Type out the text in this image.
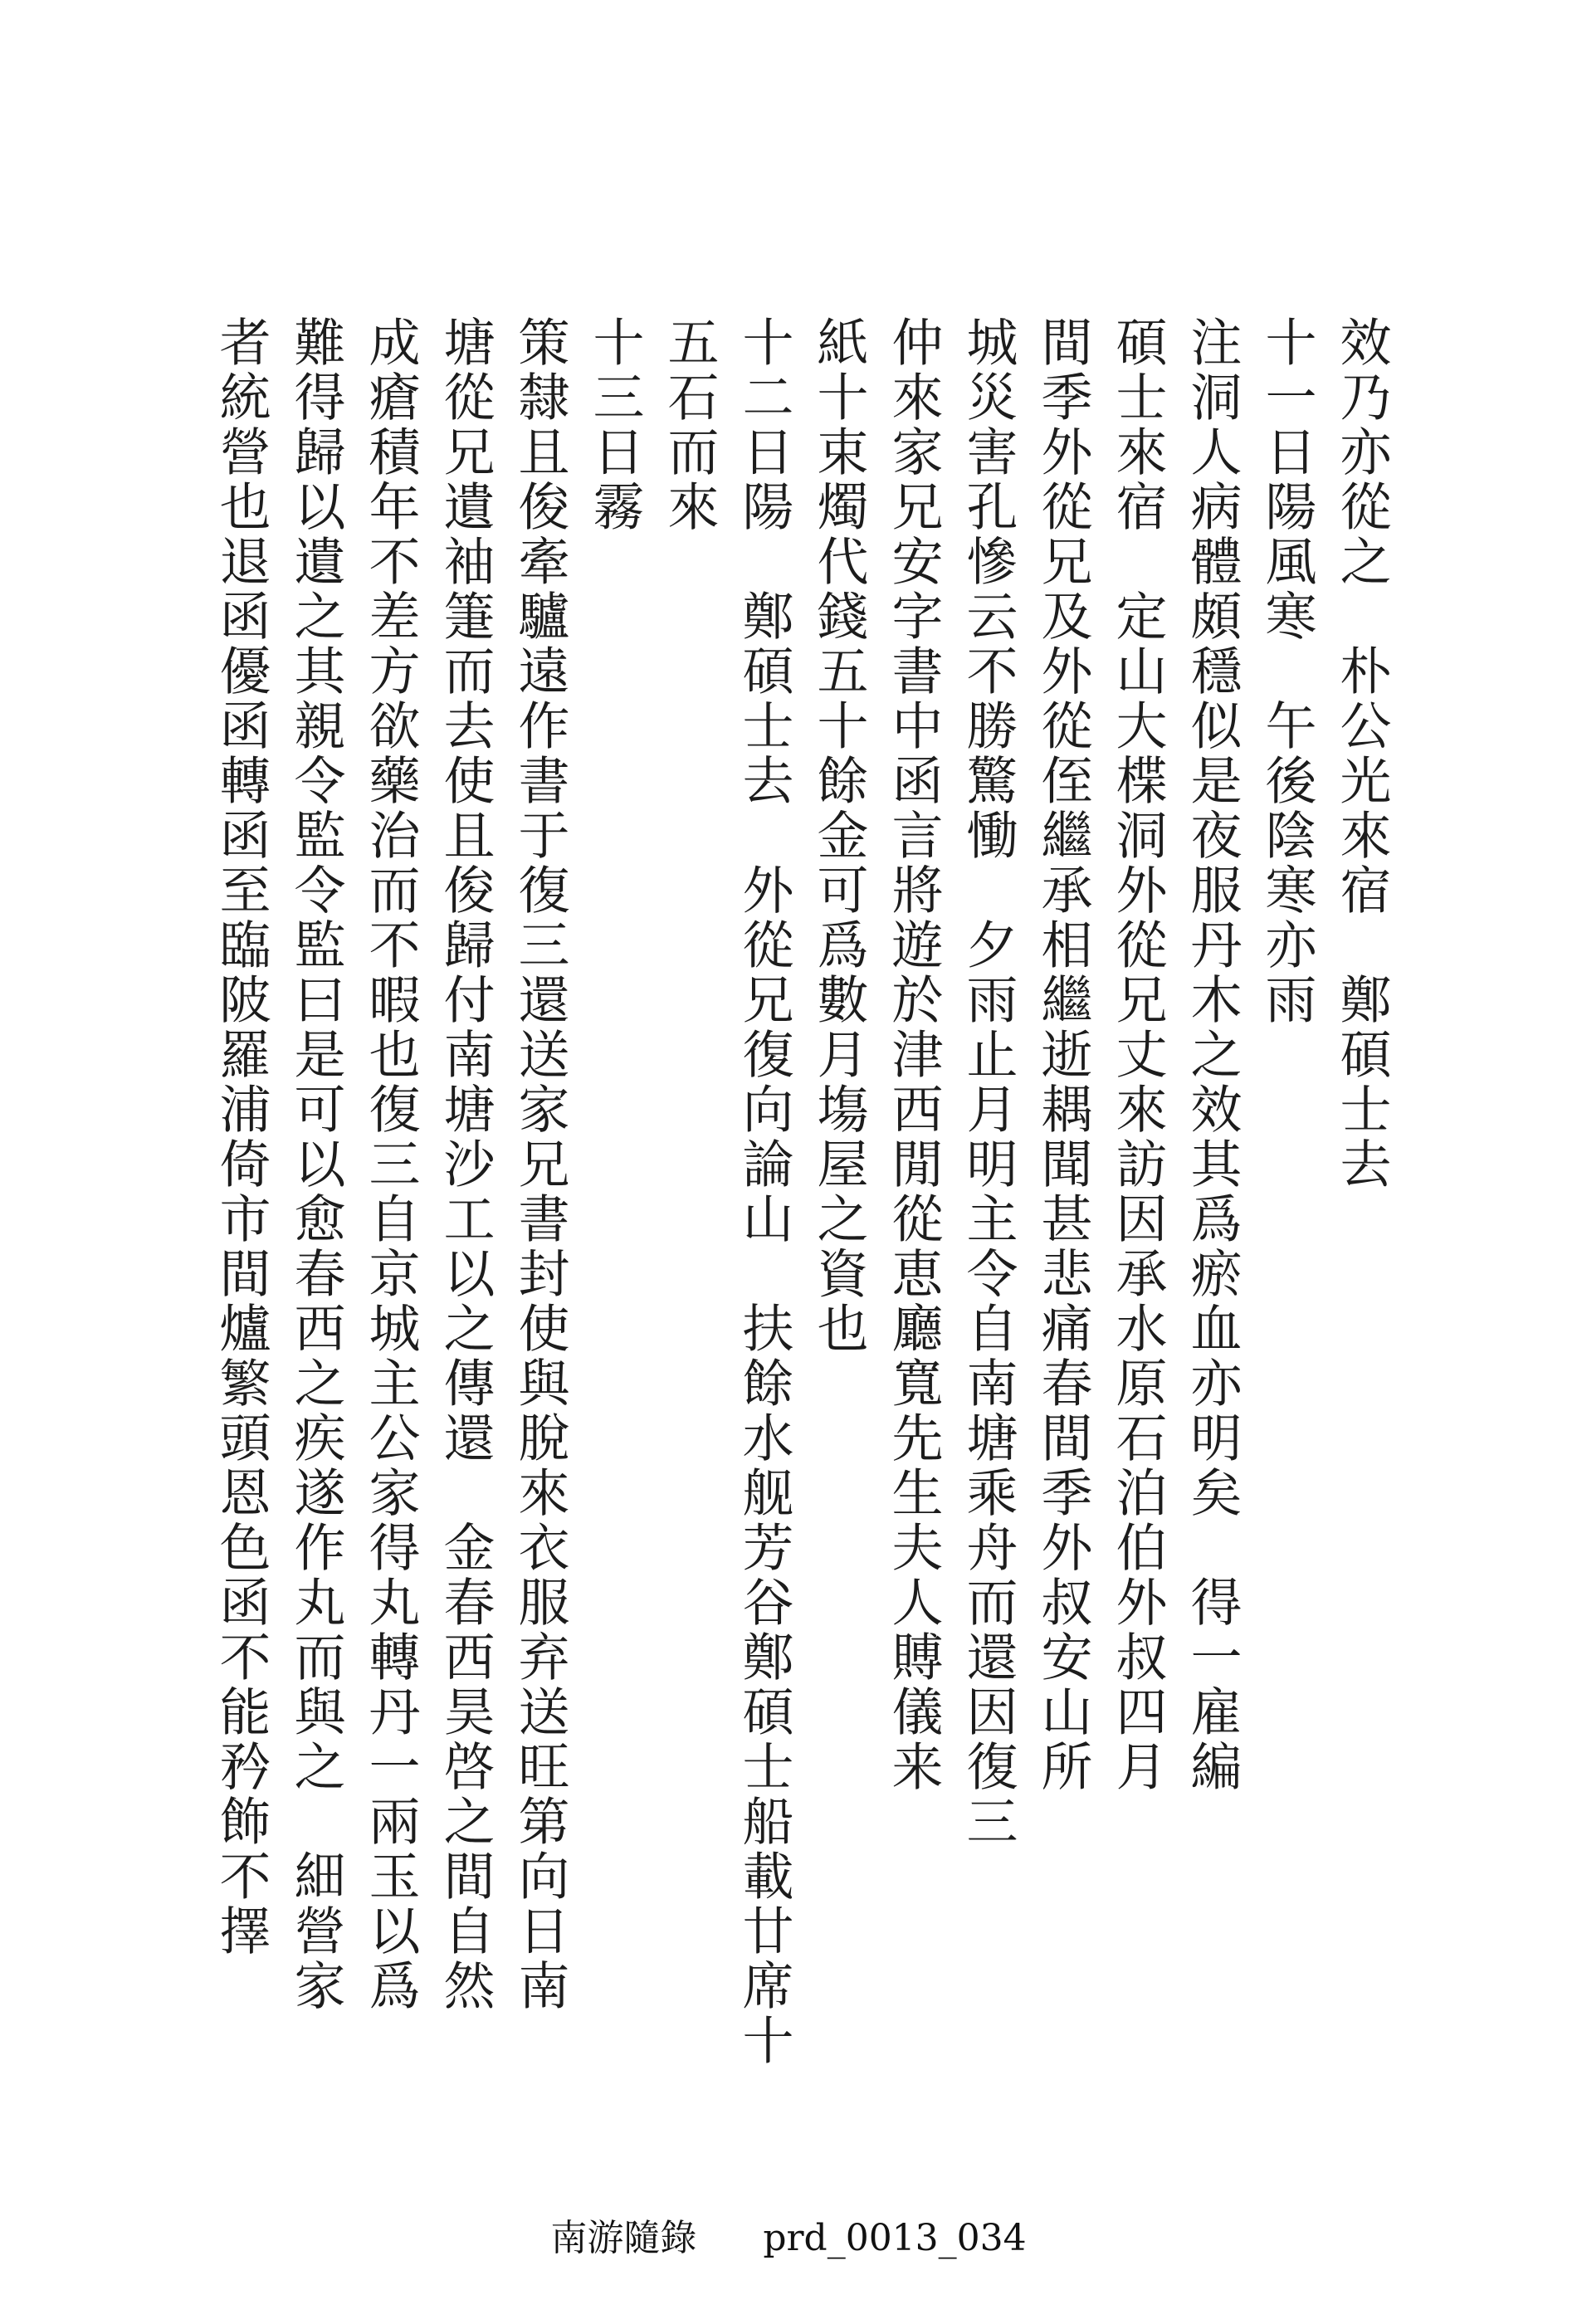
效乃亦從之　朴公光來宿　鄭碩士去
十一日陽風寒　午後陰寒亦雨
注洞人病體頗穩似是夜服丹木之效其爲瘀血亦明矣　得一雇編
碩士來宿　定山大楪洞外從兄丈來訪因承水原石泊伯外叔四月
間季外從兄及外從侄繼承相繼逝耦聞甚悲痛春間季外叔安山所
城災害孔慘云不勝驚慟　夕雨止月明主令自南塘乘舟而還因復三
仲來家兄安字書中函言將遊於津西閒從恵廳寬先生夫人賻儀来
紙十束燭代錢五十餘金可爲數月塲屋之資也
十二日陽　鄭碩士去　外從兄復向論山　扶餘水舰芳谷鄭碩士船載廿席十
五石而來
十三日霧
策隸且俊牽驢遠作書于復三還送家兄書封使與脫來衣服弃送旺第向日南
塘從兄遺袖箑而去使且俊歸付南塘沙工以之傳還　金春西昊啓之間自然
成瘡積年不差方欲藥治而不暇也復三自京城主公家得丸轉丹一兩玉以爲
難得歸以遺之其親令監令監曰是可以愈春西之疾遂作丸而與之　細營家
者統營也退函優函轉函至臨陂羅浦倚市間爐繁頭恩色函不能矜飾不擇
南游隨錄 prd_0013_034
